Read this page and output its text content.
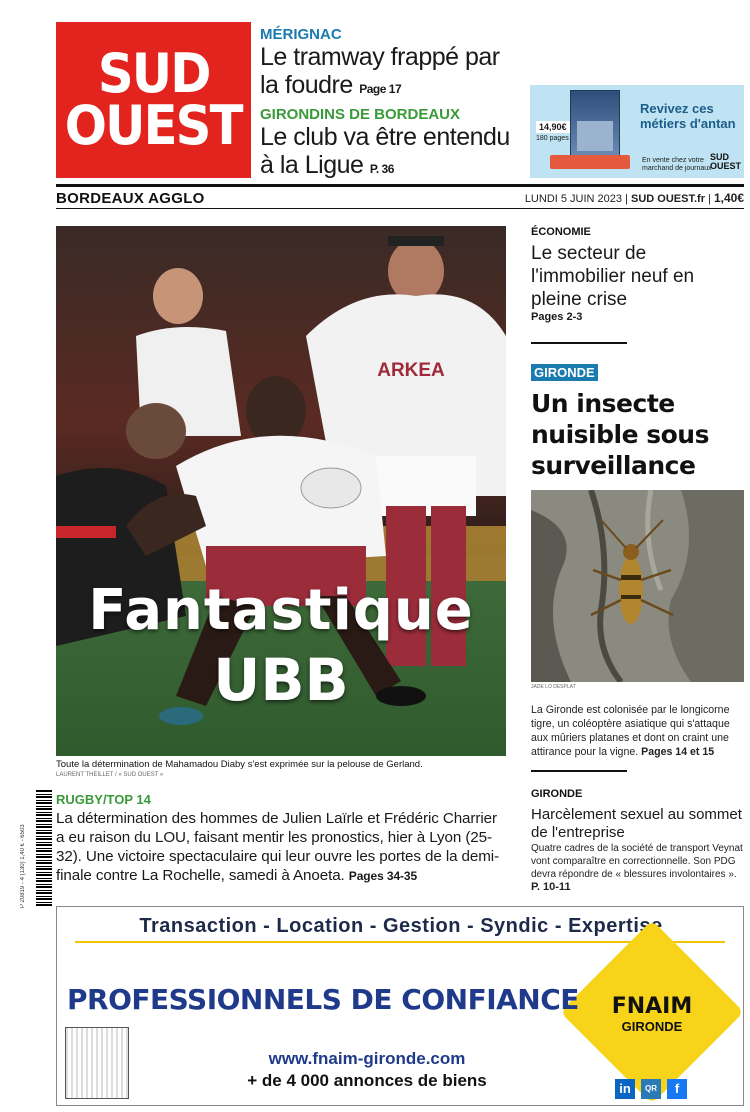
SUD
OUEST
MÉRIGNAC
Le tramway frappé par la foudre Page 17
GIRONDINS DE BORDEAUX
Le club va être entendu à la Ligue P. 36
14,90€
180 pages
Revivez ces métiers d'antan
En vente chez votre marchand de journaux
SUD
OUEST
BORDEAUX AGGLO	LUNDI 5 JUIN 2023 | SUD OUEST.fr | 1,40€
ARKEA
Fantastique
UBB
Toute la détermination de Mahamadou Diaby s'est exprimée sur la pelouse de Gerland.
LAURENT THEILLET / « SUD OUEST »
P 20819 - 4 (130) 1,40 € - 6503
RUGBY/TOP 14

La détermination des hommes de Julien Laïrle et Frédéric Charrier a eu raison du LOU, faisant mentir les pronostics, hier à Lyon (25-32). Une victoire spectaculaire qui leur ouvre les portes de la demi-finale contre La Rochelle, samedi à Anoeta. Pages 34-35

ÉCONOMIE
Le secteur de l'immobilier neuf en pleine crise
Pages 2-3
GIRONDE
Un insecte nuisible sous surveillance
JADE LO DESPLAT
La Gironde est colonisée par le longicorne tigre, un coléoptère asiatique qui s'attaque aux mûriers platanes et dont on craint une attirance pour la vigne. Pages 14 et 15
GIRONDE
Harcèlement sexuel au sommet de l'entreprise
Quatre cadres de la société de transport Veynat vont comparaître en correctionnelle. Son PDG devra répondre de « blessures involontaires ». P. 10-11
Transaction - Location - Gestion - Syndic - Expertise
FNAIM
GIRONDE
PROFESSIONNELS DE CONFIANCE
www.fnaim-gironde.com
+ de 4 000 annonces de biens	in	QR	f
